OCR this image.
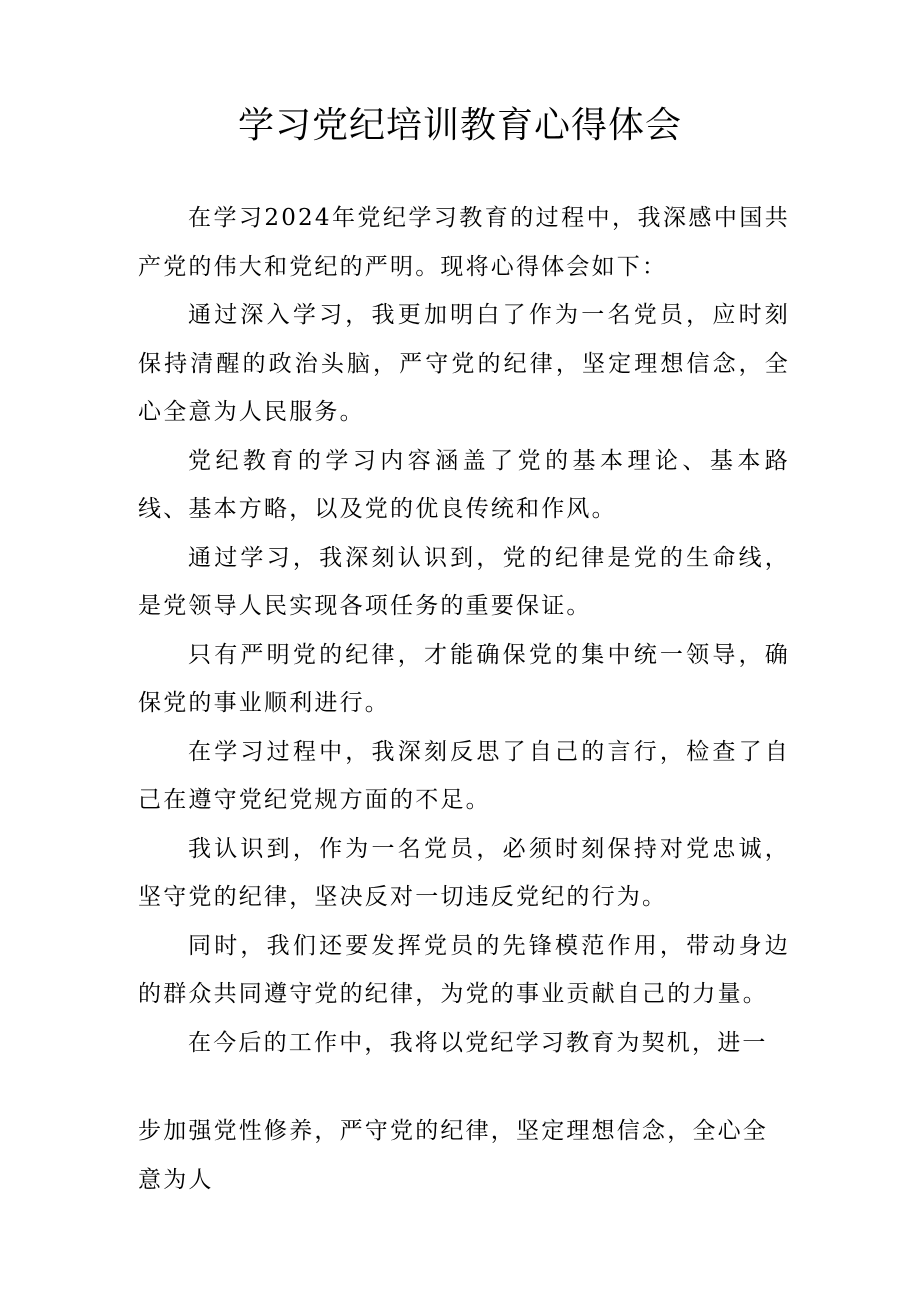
学习党纪培训教育心得体会

在学习2024年党纪学习教育的过程中，我深感中国共产党的伟大和党纪的严明。现将心得体会如下：

通过深入学习，我更加明白了作为一名党员，应时刻保持清醒的政治头脑，严守党的纪律，坚定理想信念，全心全意为人民服务。

党纪教育的学习内容涵盖了党的基本理论、基本路线、基本方略，以及党的优良传统和作风。

通过学习，我深刻认识到，党的纪律是党的生命线，是党领导人民实现各项任务的重要保证。

只有严明党的纪律，才能确保党的集中统一领导，确保党的事业顺利进行。

在学习过程中，我深刻反思了自己的言行，检查了自己在遵守党纪党规方面的不足。

我认识到，作为一名党员，必须时刻保持对党忠诚，坚守党的纪律，坚决反对一切违反党纪的行为。

同时，我们还要发挥党员的先锋模范作用，带动身边的群众共同遵守党的纪律，为党的事业贡献自己的力量。

在今后的工作中，我将以党纪学习教育为契机，进一

步加强党性修养，严守党的纪律，坚定理想信念，全心全意为人
